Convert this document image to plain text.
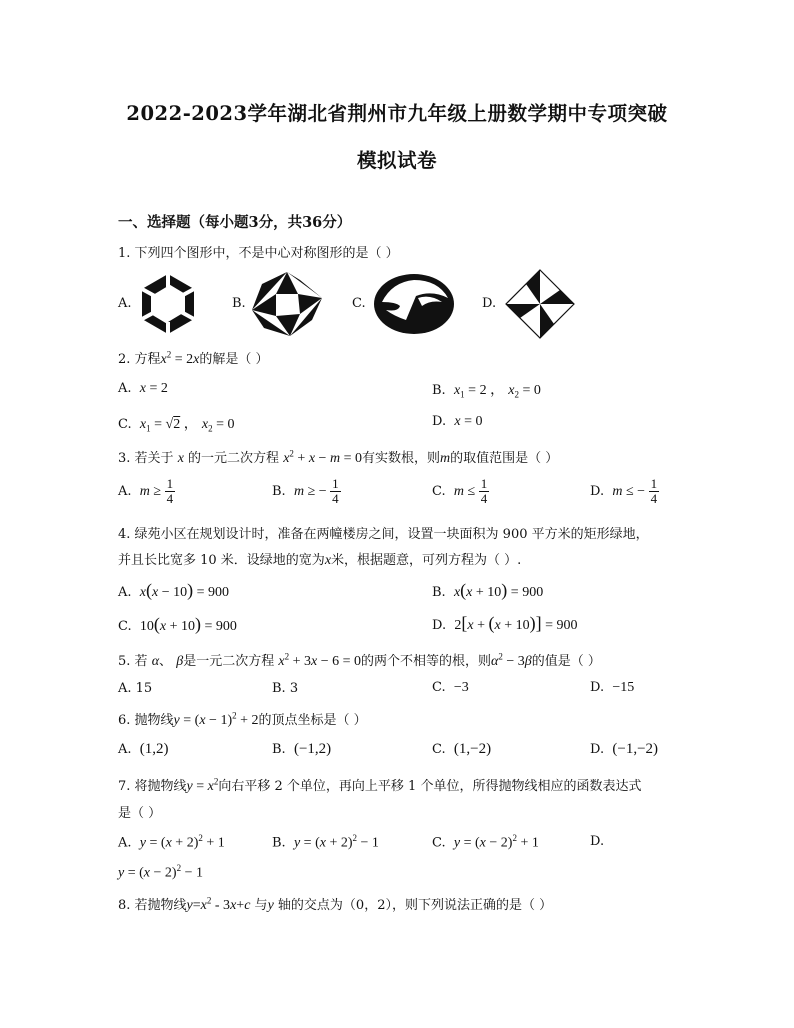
2022-2023学年湖北省荆州市九年级上册数学期中专项突破
模拟试卷
一、选择题（每小题3分，共36分）
1. 下列四个图形中，不是中心对称图形的是（ ）
A.	B.	C.	D.
2. 方程$x^2 = 2x$的解是（ ）
A. x = 2	B. $x_1 = 2$ ， $x_2 = 0$
C. $x_1 = √2$ ， $x_2 = 0$	D. x = 0
3. 若关于 x 的一元二次方程 $x^2 + x - m = 0$有实数根，则m的取值范围是（ ）
A. $m \ge \frac{1}{4}$	B. m ≥ − $\frac{1}{4}$	C. $m \le \frac{1}{4}$	D. m ≤ − $\frac{1}{4}$
4. 绿苑小区在规划设计时，准备在两幢楼房之间，设置一块面积为 900 平方米的矩形绿地，
并且长比宽多 10 米．设绿地的宽为x米，根据题意，可列方程为（ ）.
A. x(x − 10) = 900	B. x(x + 10) = 900
C. 10(x + 10) = 900	D. 2[x + (x + 10)] = 900
5. 若 α、 β是一元二次方程 $x^2 + 3x - 6 = 0$的两个不相等的根，则$\alpha^2 - 3\beta$的值是（ ）
A. 15	B. 3	C. −3	D. −15
6. 抛物线$y = (x - 1)^2 + 2$的顶点坐标是（ ）
A. (1,2)	B. (−1,2)	C. (1,−2)	D. (−1,−2)
7. 将抛物线$y = x^2$向右平移 2 个单位，再向上平移 1 个单位，所得抛物线相应的函数表达式
是（ ）
A. $y = (x + 2)^2 + 1$	B. $y = (x + 2)^2 - 1$	C. $y = (x - 2)^2 + 1$	D.
$y = (x - 2)^2 - 1$
8. 若抛物线$y=x^2 - 3x+c$ 与y 轴的交点为（0，2），则下列说法正确的是（ ）
